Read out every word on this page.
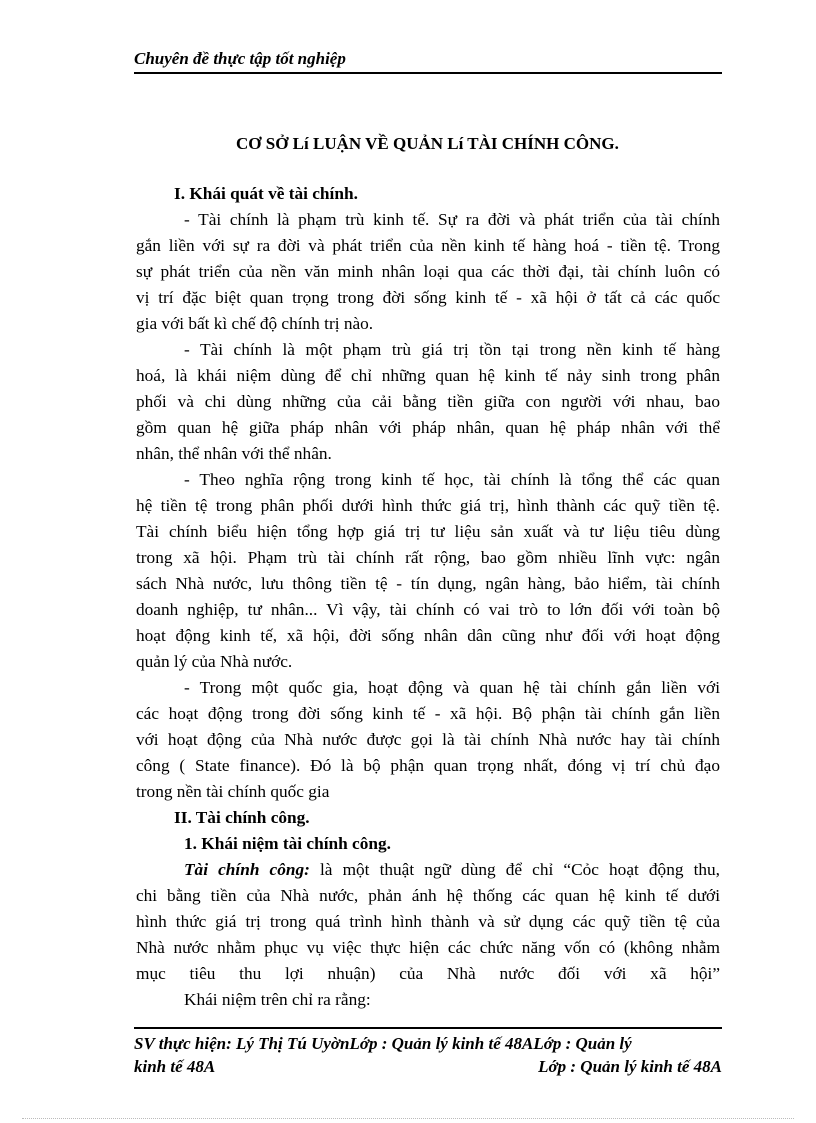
Chuyên đề thực tập tốt nghiệp
CƠ SỞ Lí LUẬN VỀ QUẢN Lí TÀI CHÍNH CÔNG.
I. Khái quát về tài chính.
- Tài chính là phạm trù kinh tế. Sự ra đời và phát triển của tài chính
gắn liền với sự ra đời và phát triển của nền kinh tế hàng hoá - tiền tệ. Trong
sự phát triển của nền văn minh nhân loại qua các thời đại, tài chính luôn có
vị trí đặc biệt quan trọng trong đời sống kinh tế - xã hội ở tất cả các quốc
gia với bất kì chế độ chính trị nào.
- Tài chính là một phạm trù giá trị tồn tại trong nền kinh tế hàng
hoá, là khái niệm dùng để chỉ những quan hệ kinh tế nảy sinh trong phân
phối và chi dùng những của cải bằng tiền giữa con người với nhau, bao
gồm quan hệ giữa pháp nhân với pháp nhân, quan hệ pháp nhân với thể
nhân, thể nhân với thể nhân.
- Theo nghĩa rộng trong kinh tế học, tài chính là tổng thể các quan
hệ tiền tệ trong phân phối dưới hình thức giá trị, hình thành các quỹ tiền tệ.
Tài chính biểu hiện tổng hợp giá trị tư liệu sản xuất và tư liệu tiêu dùng
trong xã hội. Phạm trù tài chính rất rộng, bao gồm nhiều lĩnh vực: ngân
sách Nhà nước, lưu thông tiền tệ - tín dụng, ngân hàng, bảo hiểm, tài chính
doanh nghiệp, tư nhân... Vì vậy, tài chính có vai trò to lớn đối với toàn bộ
hoạt động kinh tế, xã hội, đời sống nhân dân cũng như đối với hoạt động
quản lý của Nhà nước.
- Trong một quốc gia, hoạt động và quan hệ tài chính gắn liền với
các hoạt động trong đời sống kinh tế - xã hội. Bộ phận tài chính gắn liền
với hoạt động của Nhà nước được gọi là tài chính Nhà nước hay tài chính
công ( State finance). Đó là bộ phận quan trọng nhất, đóng vị trí chủ đạo
trong nền tài chính quốc gia
II. Tài chính công.
1. Khái niệm tài chính công.
Tài chính công: là một thuật ngữ dùng để chỉ “Cỏc hoạt động thu,
chi bằng tiền của Nhà nước, phản ánh hệ thống các quan hệ kinh tế dưới
hình thức giá trị trong quá trình hình thành và sử dụng các quỹ tiền tệ của
Nhà nước nhằm phục vụ việc thực hiện các chức năng vốn có (không nhằm
mục tiêu thu lợi nhuận) của Nhà nước đối với xã hội”
Khái niệm trên chỉ ra rằng:
SV thực hiện: Lý Thị Tú UyờnLớp : Quản lý kinh tế 48ALớp : Quản lý
kinh tế 48A	Lớp : Quản lý kinh tế 48A
